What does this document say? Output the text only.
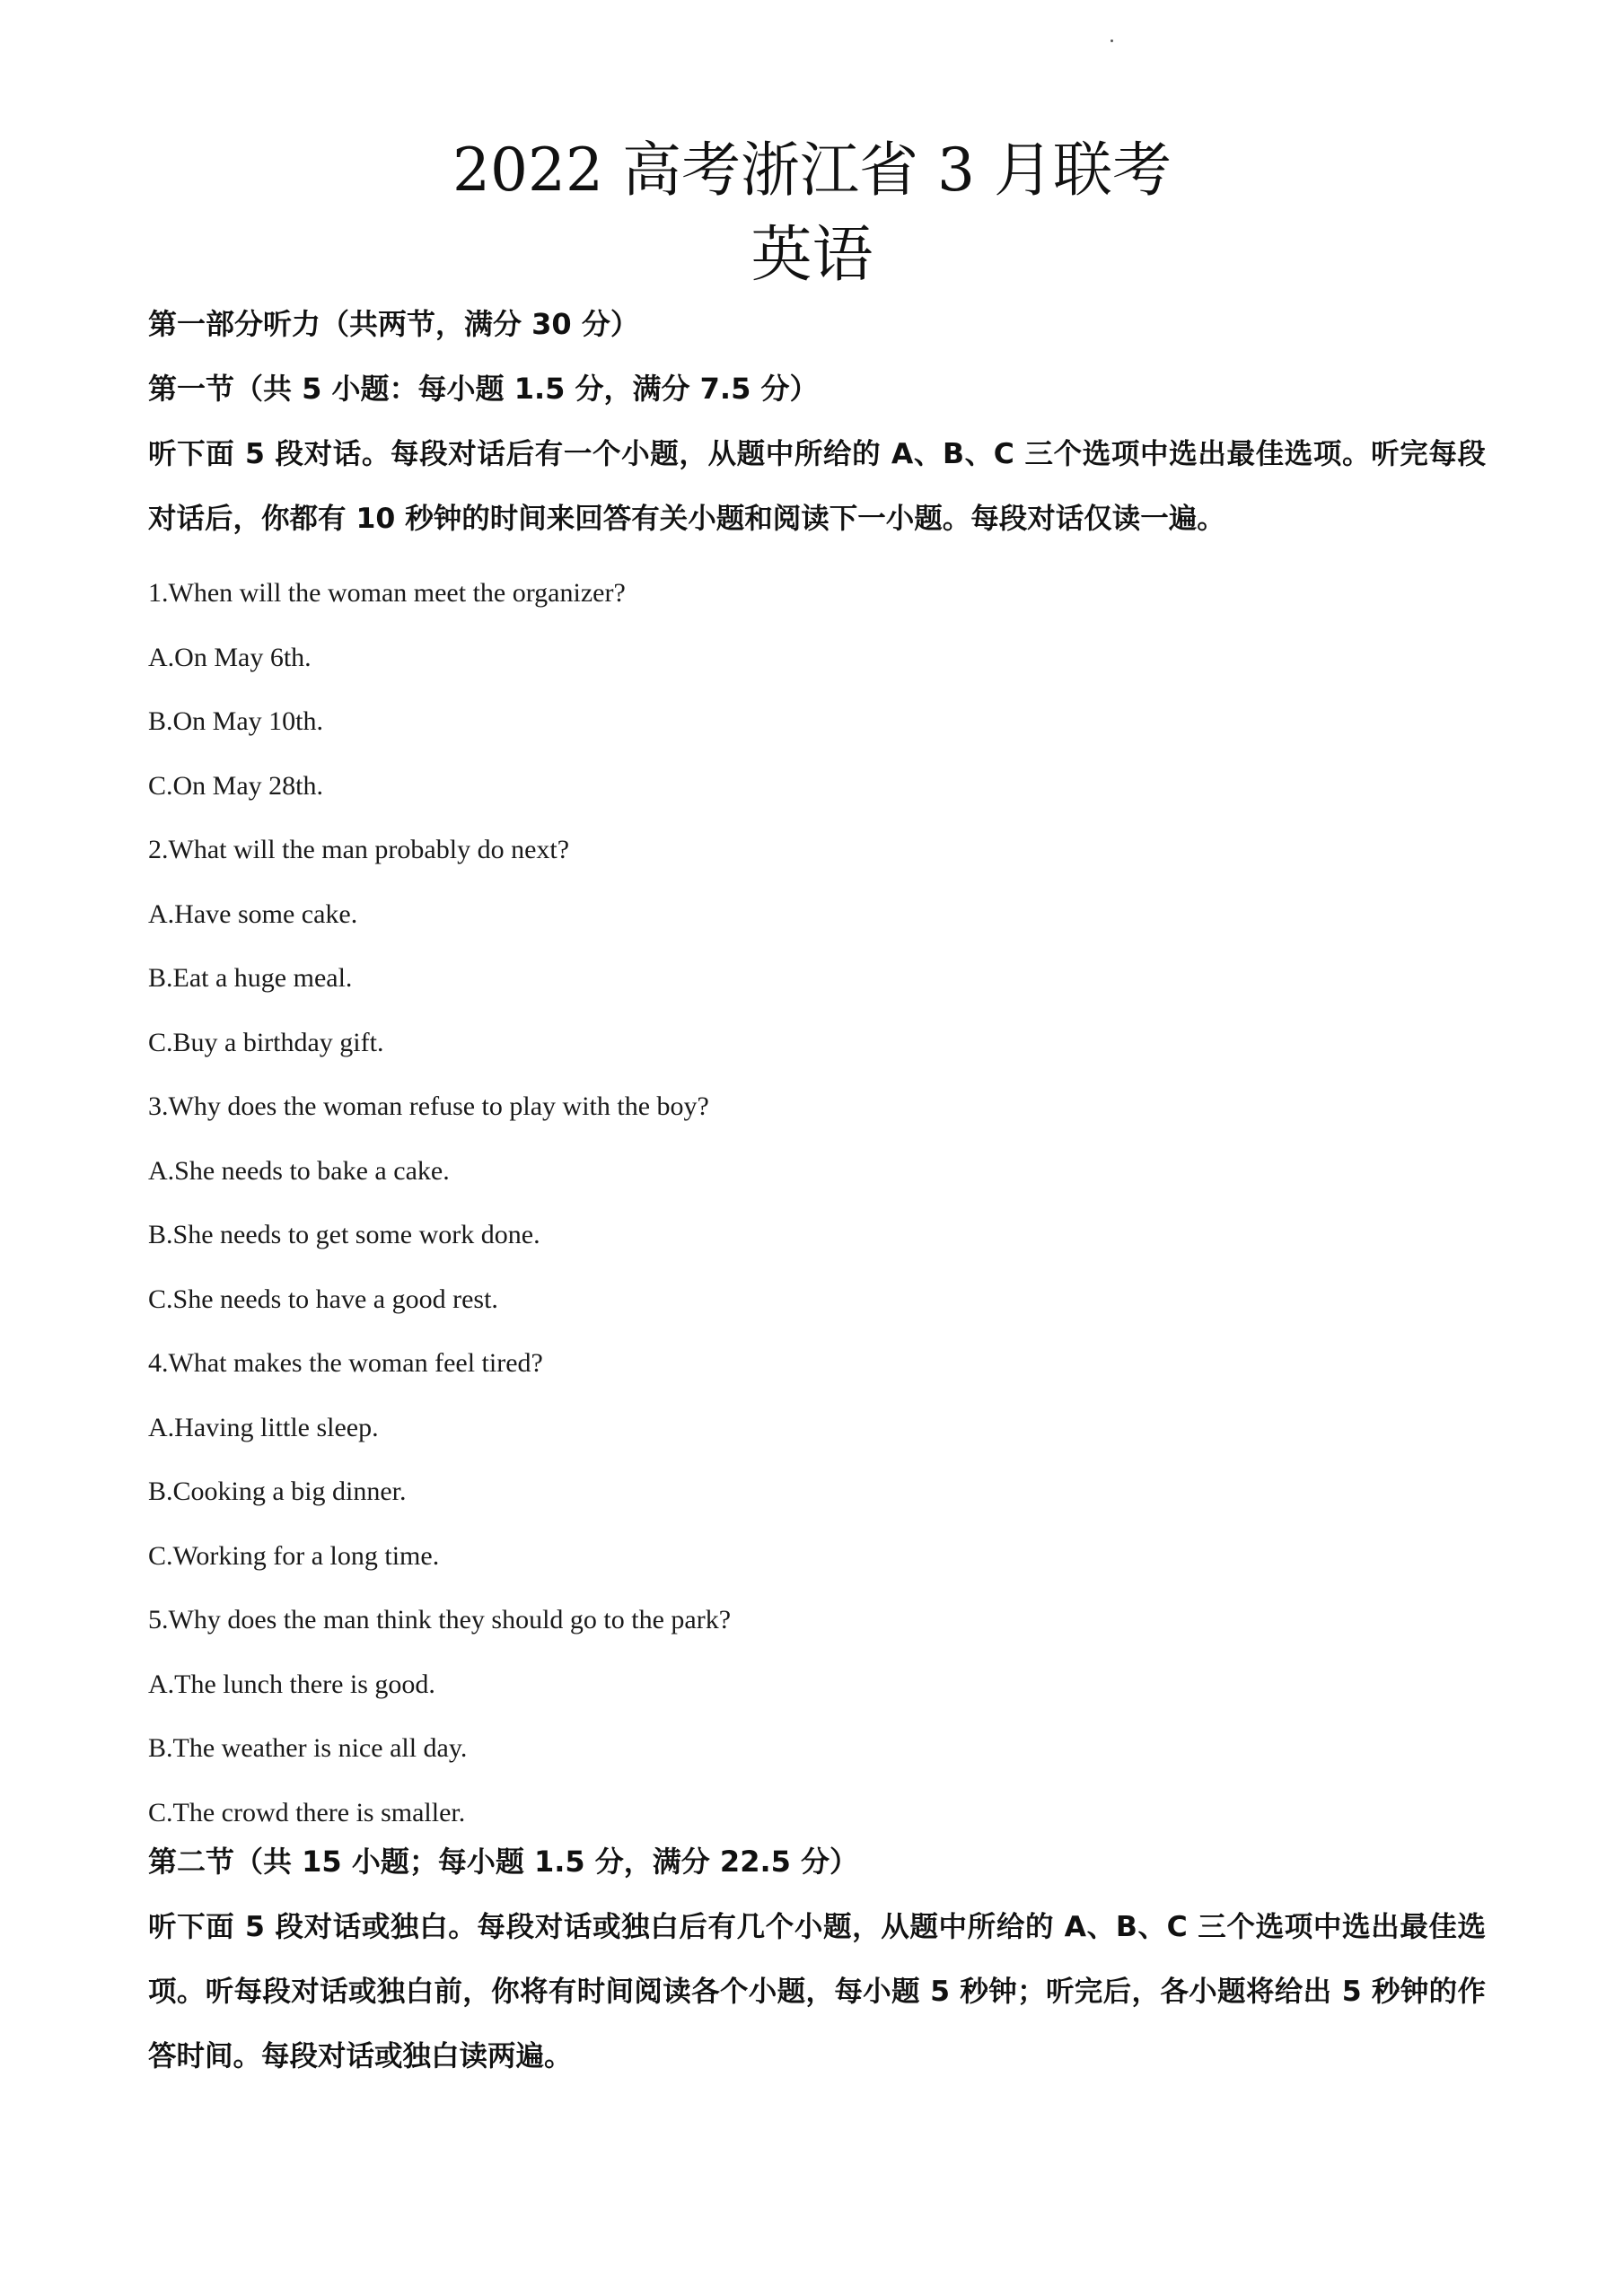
2022 高考浙江省 3 月联考
英语

第一部分听力（共两节，满分 30 分）

第一节（共 5 小题：每小题 1.5 分，满分 7.5 分）

听下面 5 段对话。每段对话后有一个小题，从题中所给的 A、B、C 三个选项中选出最佳选项。听完每段对话后，你都有 10 秒钟的时间来回答有关小题和阅读下一小题。每段对话仅读一遍。

1.When will the woman meet the organizer?
A.On May 6th.
B.On May 10th.
C.On May 28th.
2.What will the man probably do next?
A.Have some cake.
B.Eat a huge meal.
C.Buy a birthday gift.
3.Why does the woman refuse to play with the boy?
A.She needs to bake a cake.
B.She needs to get some work done.
C.She needs to have a good rest.
4.What makes the woman feel tired?
A.Having little sleep.
B.Cooking a big dinner.
C.Working for a long time.
5.Why does the man think they should go to the park?
A.The lunch there is good.
B.The weather is nice all day.
C.The crowd there is smaller.

第二节（共 15 小题；每小题 1.5 分，满分 22.5 分）

听下面 5 段对话或独白。每段对话或独白后有几个小题，从题中所给的 A、B、C 三个选项中选出最佳选项。听每段对话或独白前，你将有时间阅读各个小题，每小题 5 秒钟；听完后，各小题将给出 5 秒钟的作答时间。每段对话或独白读两遍。
